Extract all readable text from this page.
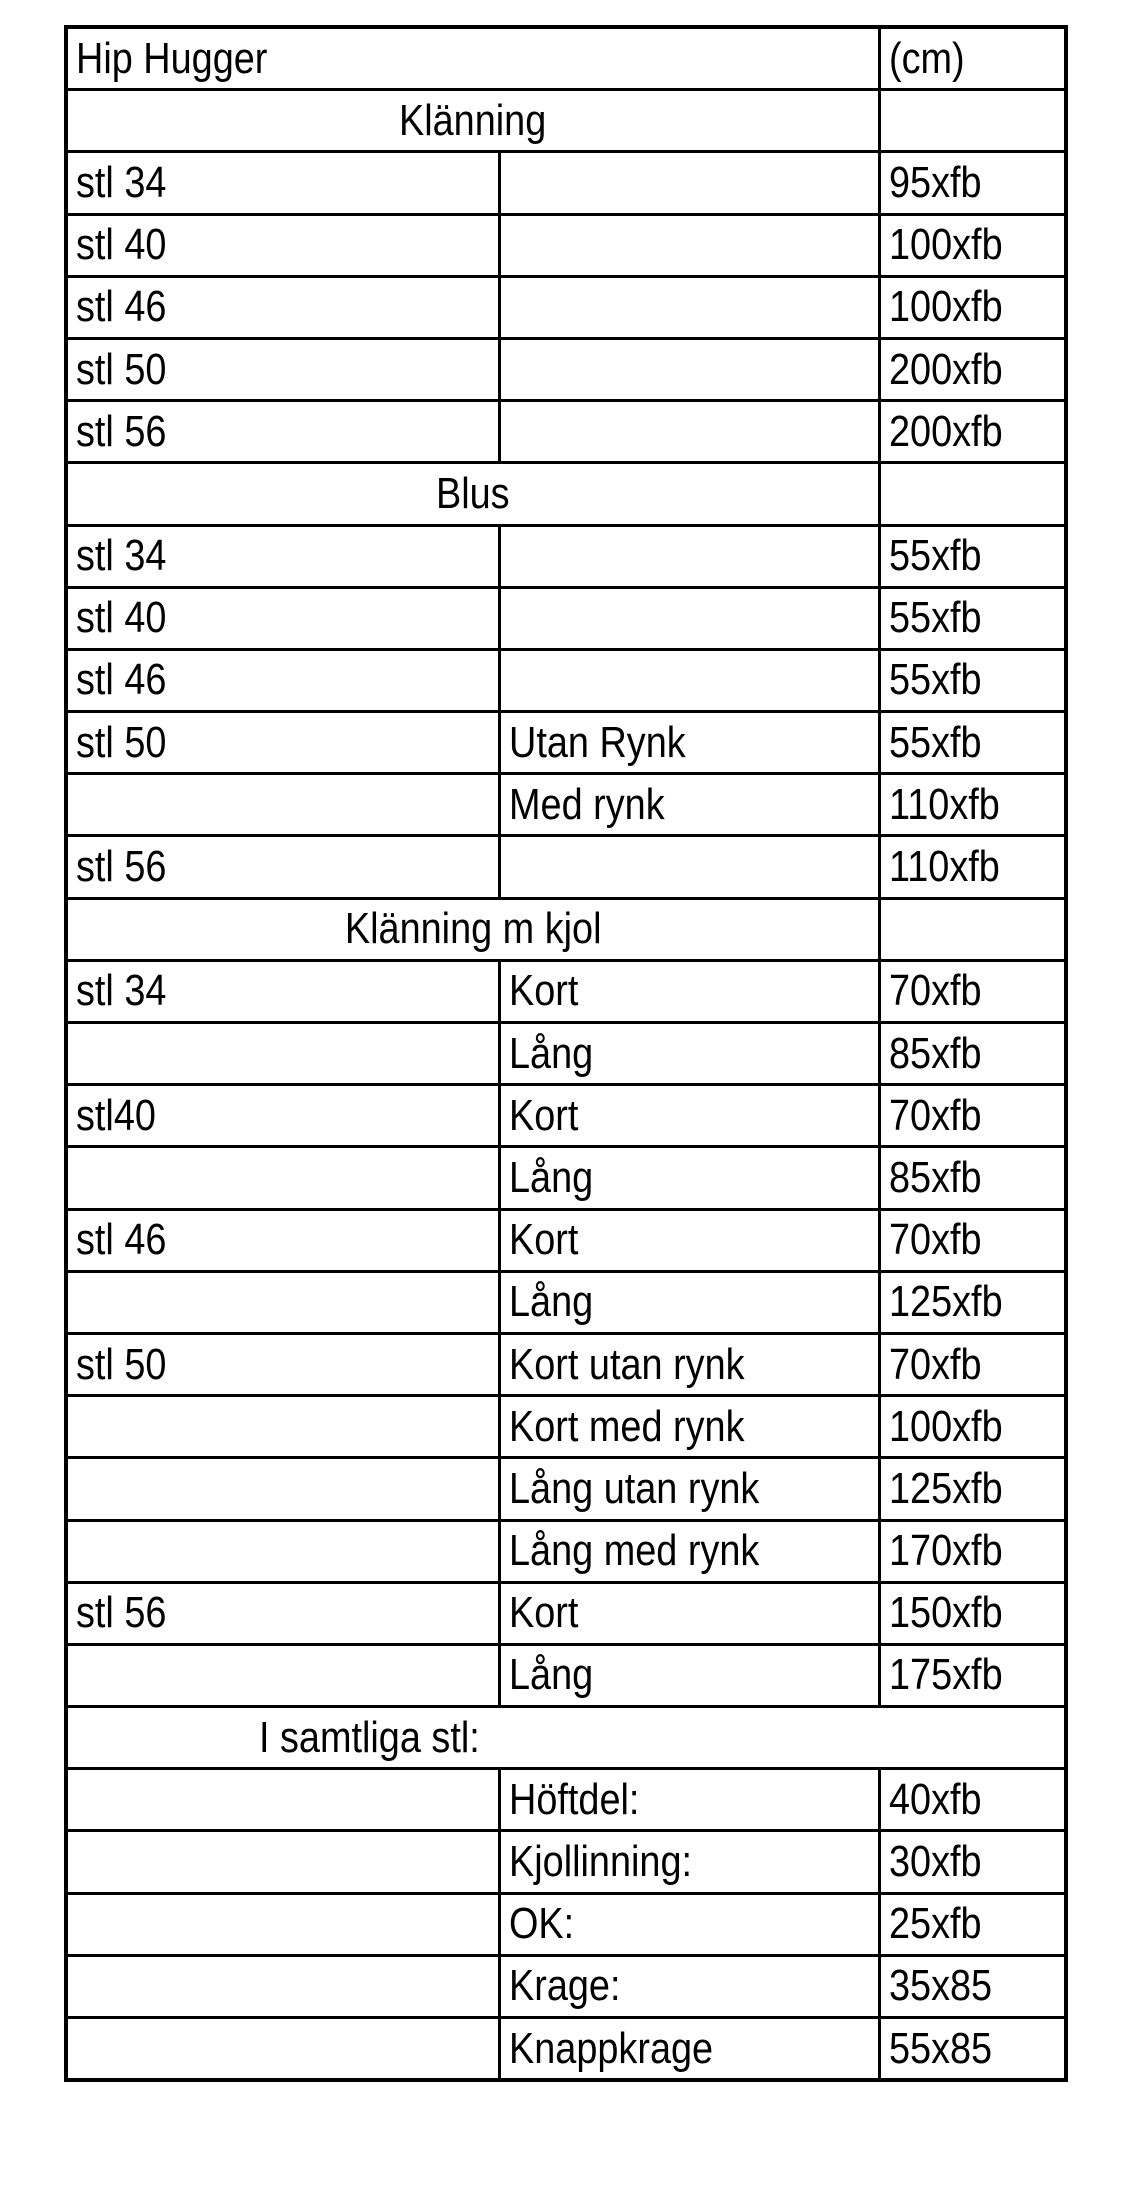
Hip Hugger		(cm)
Klänning		
stl 34		95xfb
stl 40		100xfb
stl 46		100xfb
stl 50		200xfb
stl 56		200xfb
Blus		
stl 34		55xfb
stl 40		55xfb
stl 46		55xfb
stl 50	Utan Rynk	55xfb
	Med rynk	110xfb
stl 56		110xfb
Klänning m kjol		
stl 34	Kort	70xfb
	Lång	85xfb
stl40	Kort	70xfb
	Lång	85xfb
stl 46	Kort	70xfb
	Lång	125xfb
stl 50	Kort utan rynk	70xfb
	Kort med rynk	100xfb
	Lång utan rynk	125xfb
	Lång med rynk	170xfb
stl 56	Kort	150xfb
	Lång	175xfb
I samtliga stl:		
	Höftdel:	40xfb
	Kjollinning:	30xfb
	OK:	25xfb
	Krage:	35x85
	Knappkrage	55x85
